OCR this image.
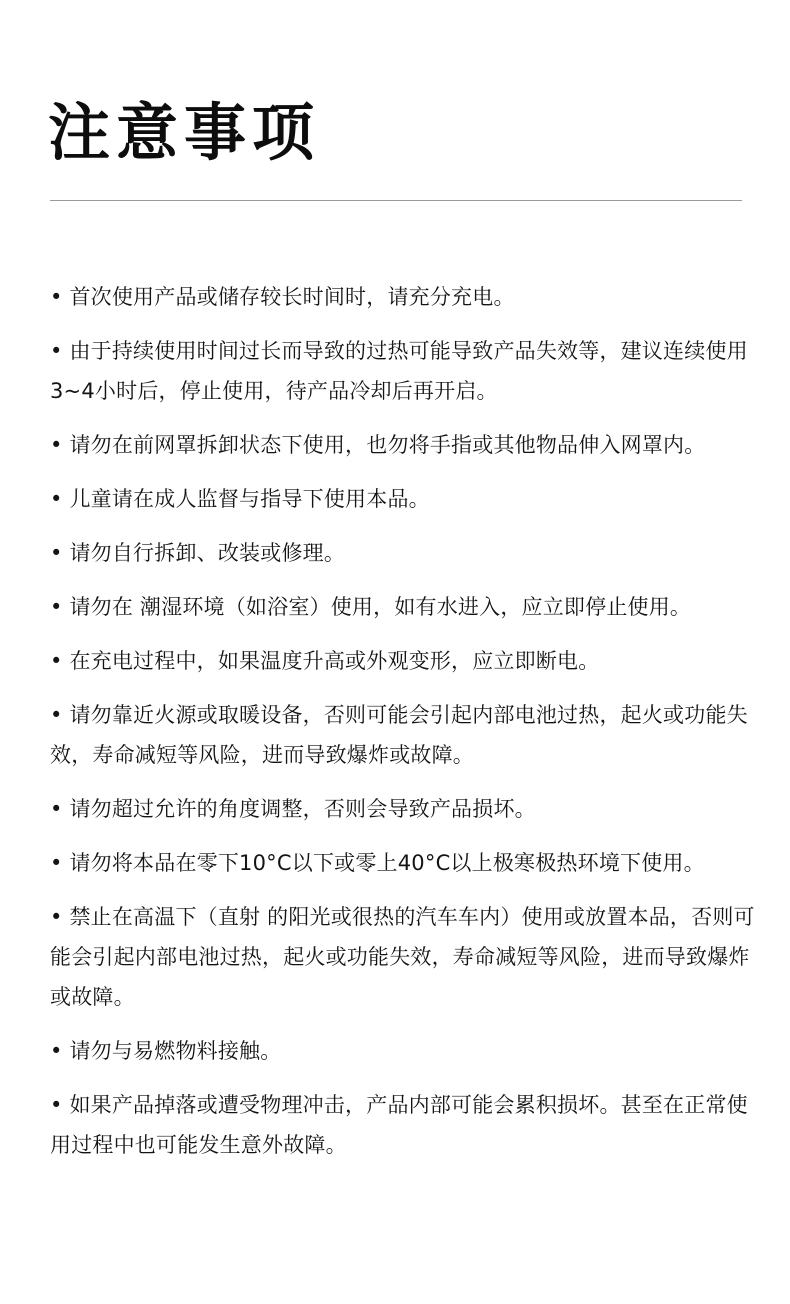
注意事项
• 首次使用产品或储存较长时间时，请充分充电。
• 由于持续使用时间过长而导致的过热可能导致产品失效等，建议连续使用3~4小时后，停止使用，待产品冷却后再开启。
• 请勿在前网罩拆卸状态下使用，也勿将手指或其他物品伸入网罩内。
• 儿童请在成人监督与指导下使用本品。
• 请勿自行拆卸、改装或修理。
• 请勿在 潮湿环境（如浴室）使用，如有水进入，应立即停止使用。
• 在充电过程中，如果温度升高或外观变形，应立即断电。
• 请勿靠近火源或取暖设备，否则可能会引起内部电池过热，起火或功能失效，寿命减短等风险，进而导致爆炸或故障。
• 请勿超过允许的角度调整，否则会导致产品损坏。
• 请勿将本品在零下10°C以下或零上40°C以上极寒极热环境下使用。
• 禁止在高温下（直射 的阳光或很热的汽车车内）使用或放置本品，否则可能会引起内部电池过热，起火或功能失效，寿命减短等风险，进而导致爆炸或故障。
• 请勿与易燃物料接触。
• 如果产品掉落或遭受物理冲击，产品内部可能会累积损坏。甚至在正常使用过程中也可能发生意外故障。
